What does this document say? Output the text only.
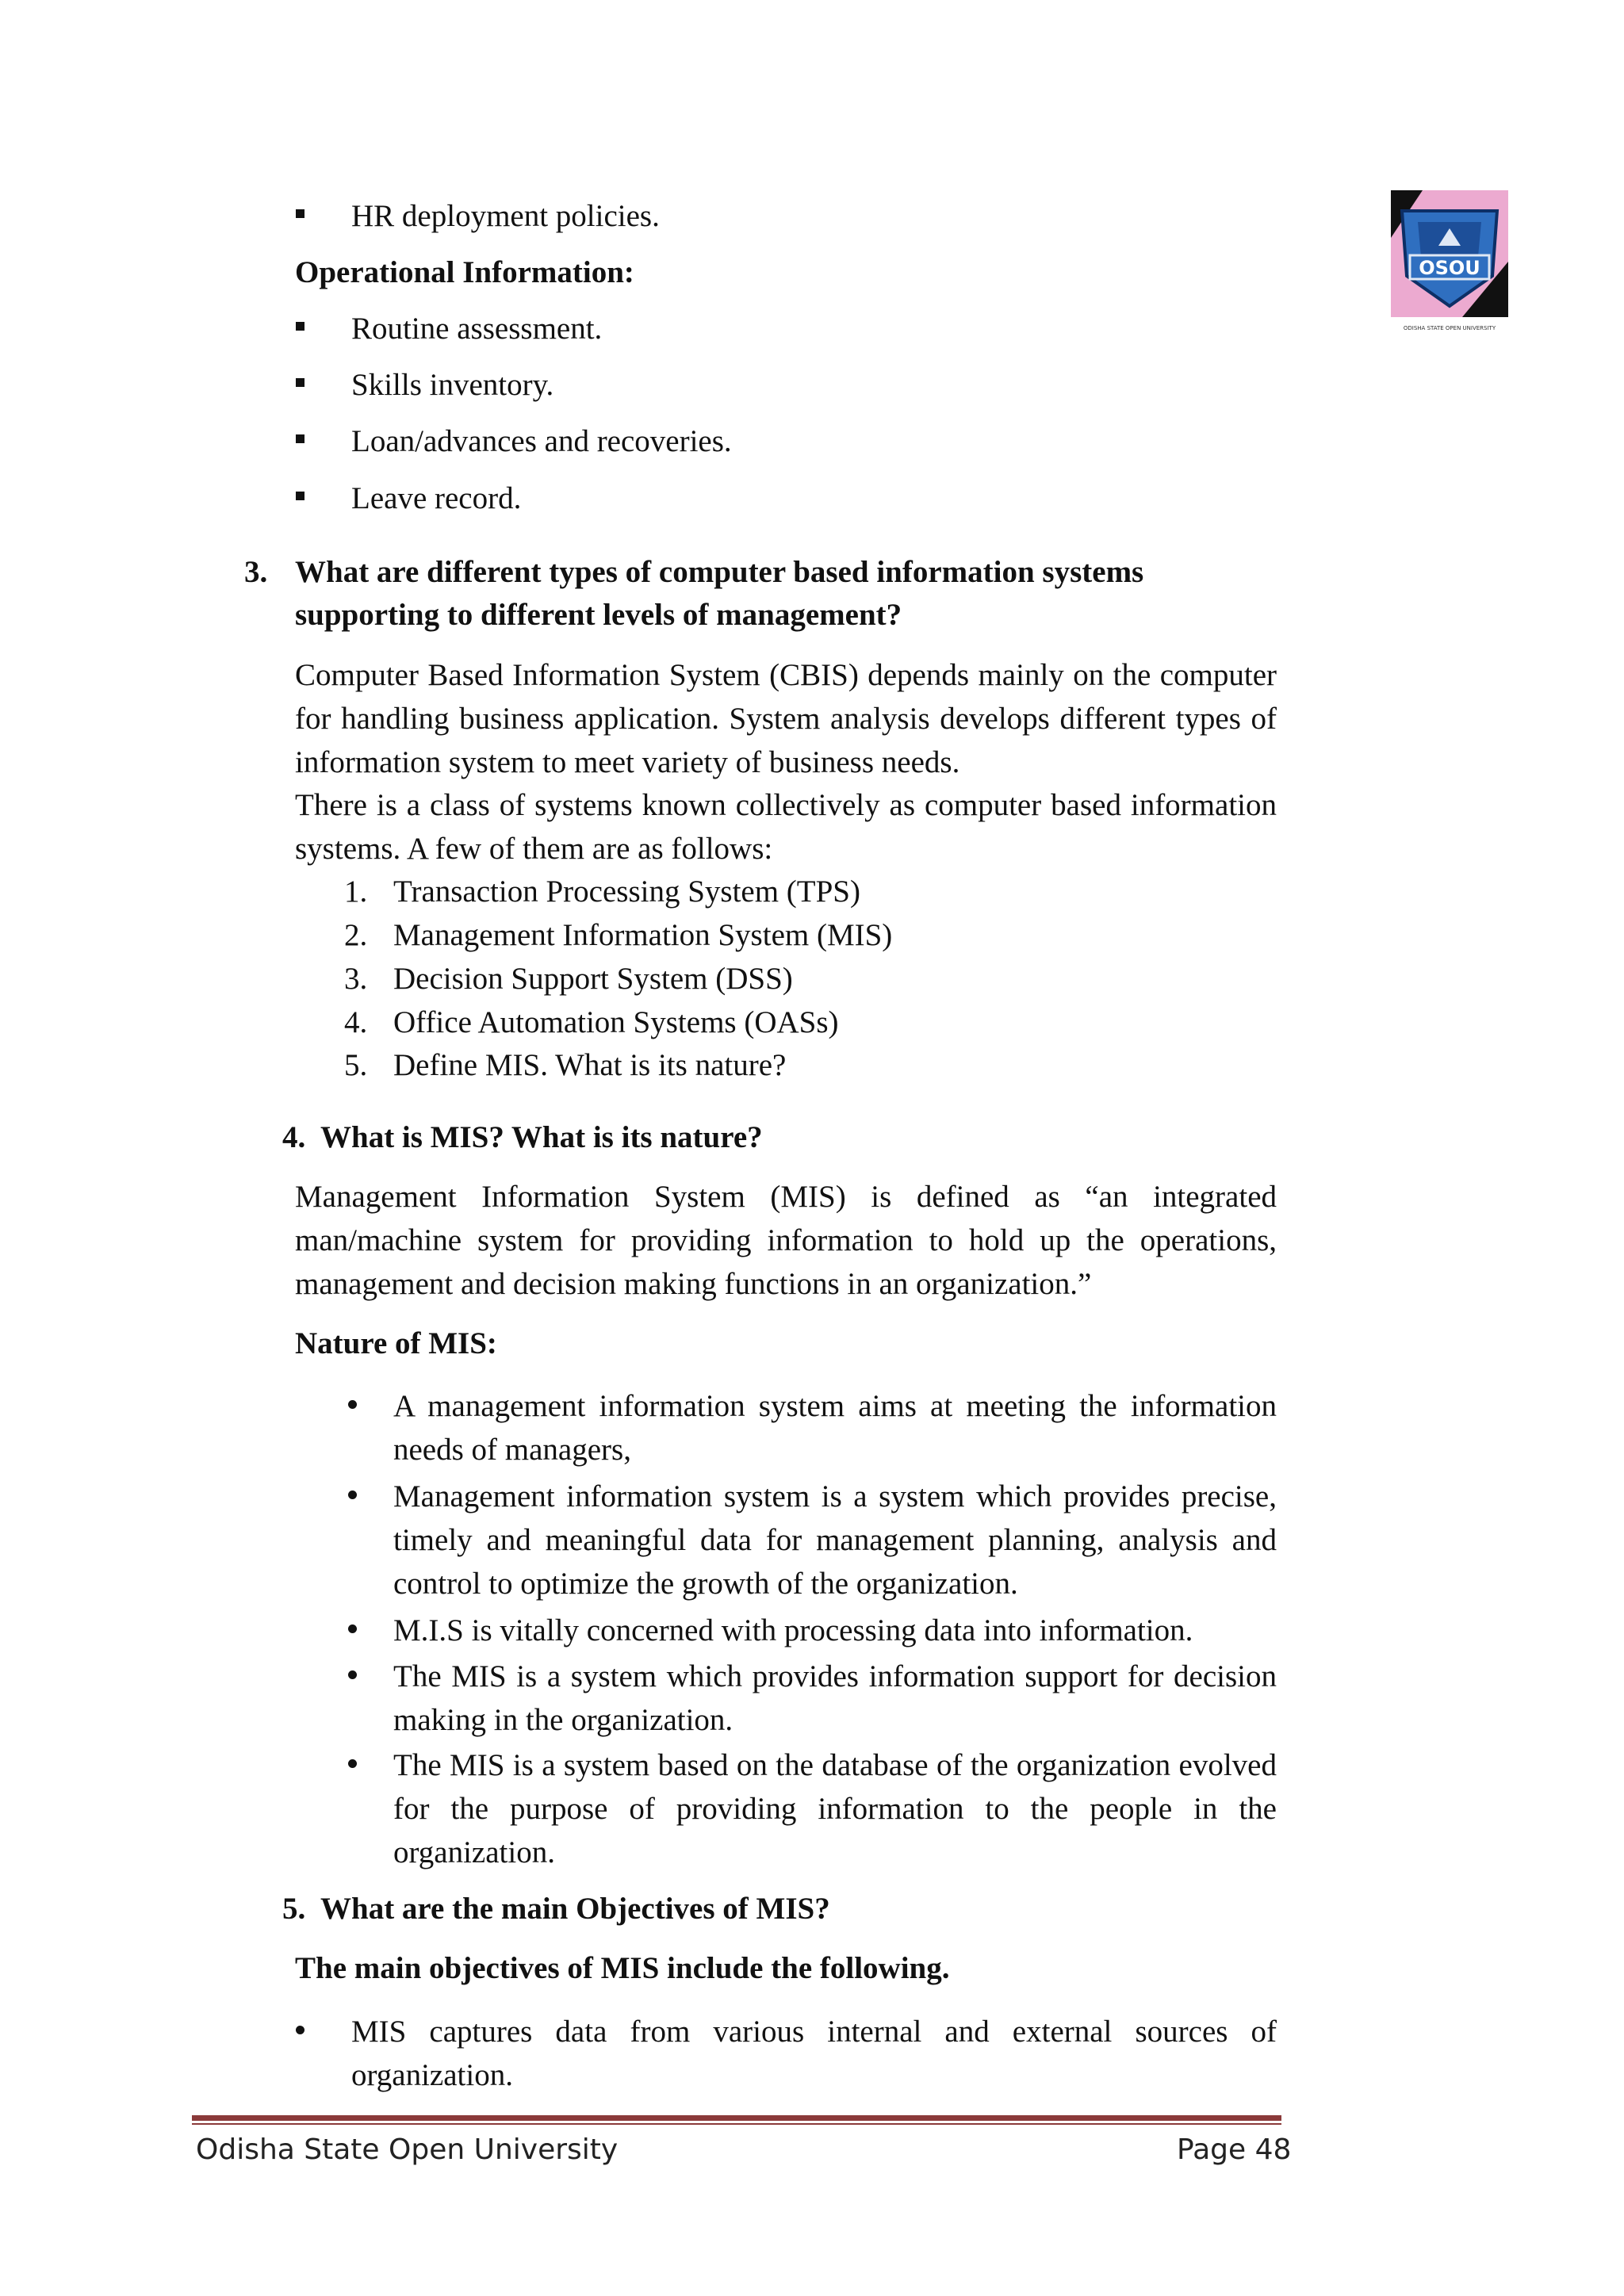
OSOU
ODISHA STATE OPEN UNIVERSITY
HR deployment policies.
Operational Information:
Routine assessment.
Skills inventory.
Loan/advances and recoveries.
Leave record.
3. What are different types of computer based information systems
supporting to different levels of management?
Computer Based Information System (CBIS) depends mainly on the computer for handling business application. System analysis develops different types of information system to meet variety of business needs.
There is a class of systems known collectively as computer based information systems. A few of them are as follows:
1. Transaction Processing System (TPS)
2. Management Information System (MIS)
3. Decision Support System (DSS)
4. Office Automation Systems (OASs)
5. Define MIS. What is its nature?
4. What is MIS? What is its nature?
Management Information System (MIS) is defined as “an integrated man/machine system for providing information to hold up the operations, management and decision making functions in an organization.”
Nature of MIS:
A management information system aims at meeting the information needs of managers,
Management information system is a system which provides precise, timely and meaningful data for management planning, analysis and control to optimize the growth of the organization.
M.I.S is vitally concerned with processing data into information.
The MIS is a system which provides information support for decision making in the organization.
The MIS is a system based on the database of the organization evolved for the purpose of providing information to the people in the organization.
5. What are the main Objectives of MIS?
The main objectives of MIS include the following.
MIS captures data from various internal and external sources of organization.
Odisha State Open University	Page 48
